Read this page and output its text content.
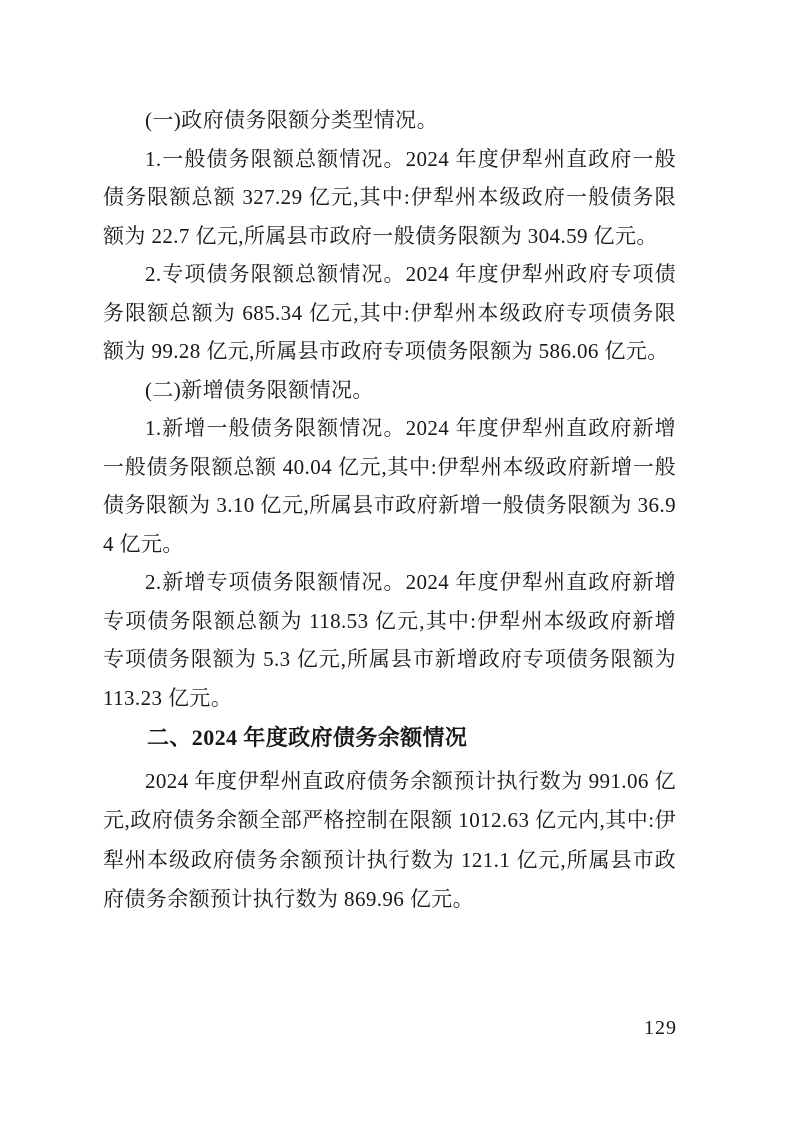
(一)政府债务限额分类型情况。

1.一般债务限额总额情况。2024 年度伊犁州直政府一般债务限额总额 327.29 亿元,其中:伊犁州本级政府一般债务限额为 22.7 亿元,所属县市政府一般债务限额为 304.59 亿元。

2.专项债务限额总额情况。2024 年度伊犁州政府专项债务限额总额为 685.34 亿元,其中:伊犁州本级政府专项债务限额为 99.28 亿元,所属县市政府专项债务限额为 586.06 亿元。

(二)新增债务限额情况。

1.新增一般债务限额情况。2024 年度伊犁州直政府新增一般债务限额总额 40.04 亿元,其中:伊犁州本级政府新增一般债务限额为 3.10 亿元,所属县市政府新增一般债务限额为 36.94 亿元。

2.新增专项债务限额情况。2024 年度伊犁州直政府新增专项债务限额总额为 118.53 亿元,其中:伊犁州本级政府新增专项债务限额为 5.3 亿元,所属县市新增政府专项债务限额为 113.23 亿元。

二、2024 年度政府债务余额情况

2024 年度伊犁州直政府债务余额预计执行数为 991.06 亿元,政府债务余额全部严格控制在限额 1012.63 亿元内,其中:伊犁州本级政府债务余额预计执行数为 121.1 亿元,所属县市政府债务余额预计执行数为 869.96 亿元。

129
